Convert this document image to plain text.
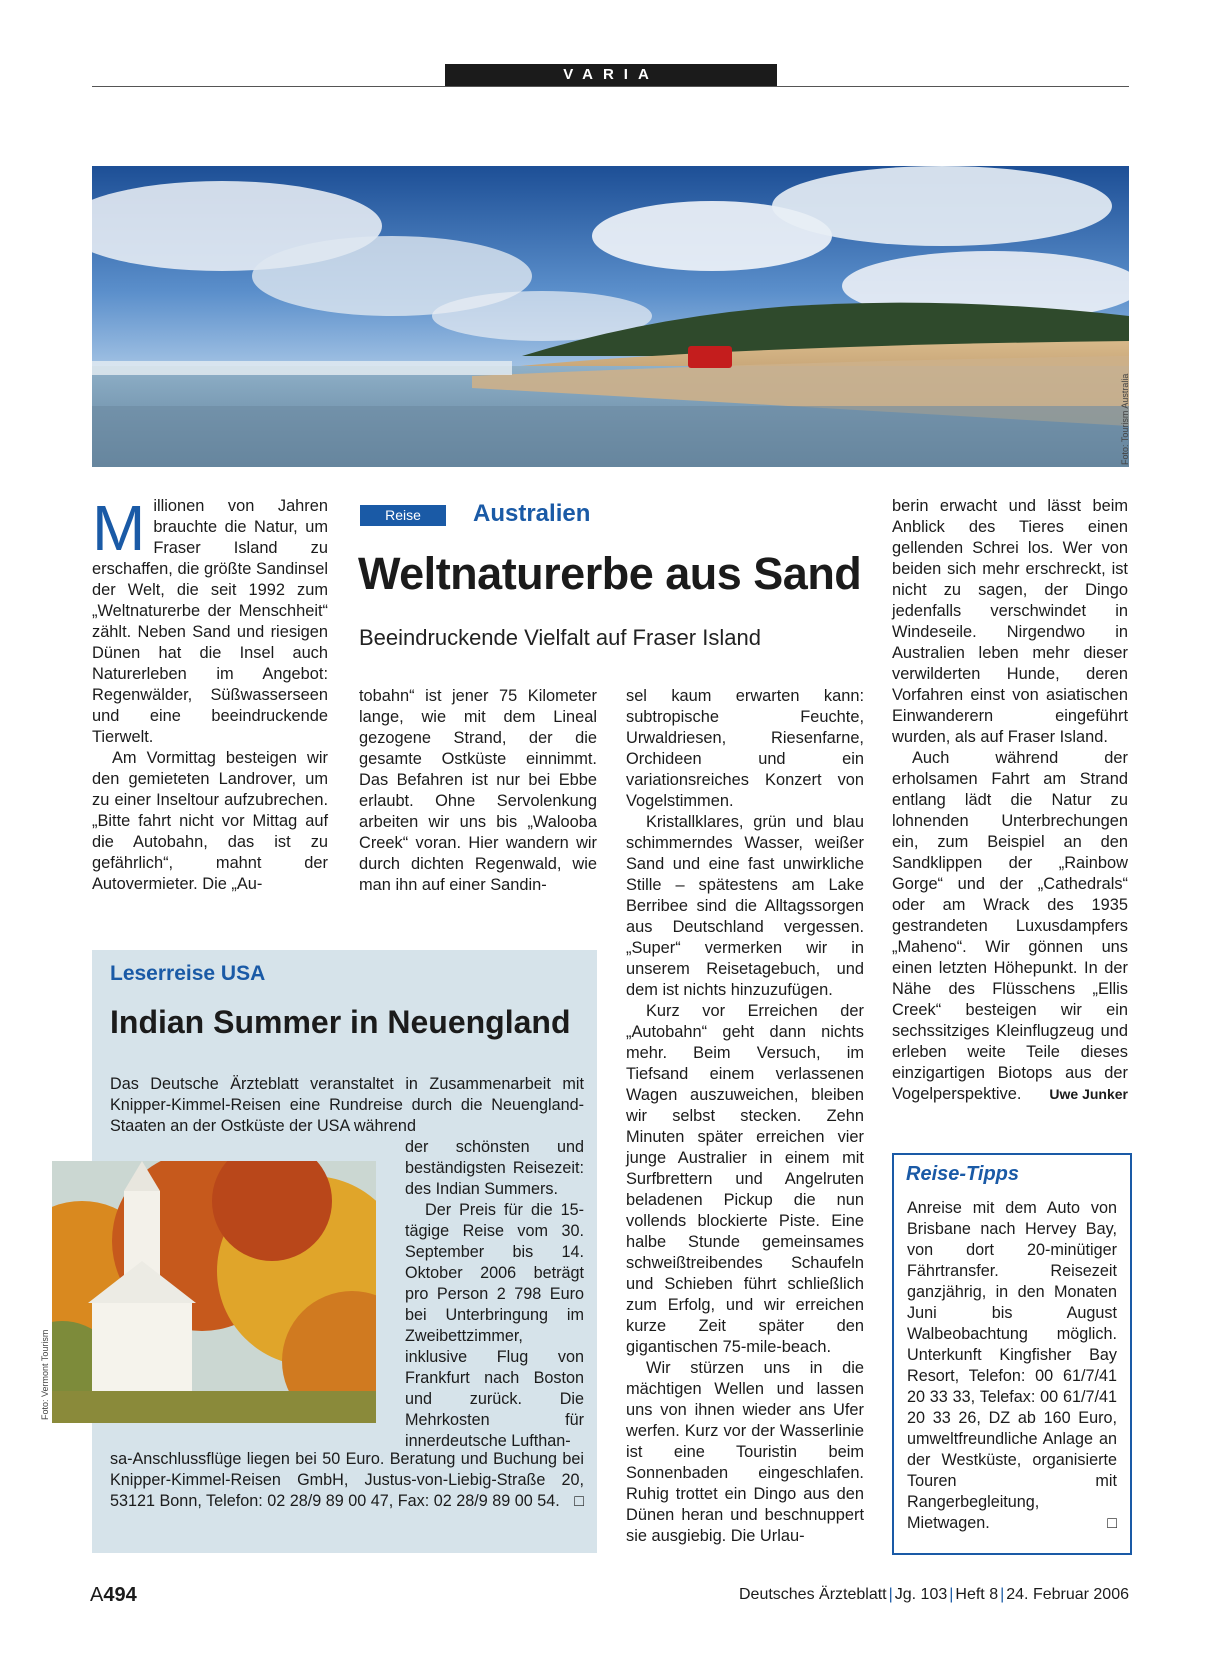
VARIA
Foto: Tourism Australia

Millionen von Jahren brauchte die Natur, um Fraser Island zu erschaffen, die größte Sandinsel der Welt, die seit 1992 zum „Weltnaturerbe der Menschheit“ zählt. Neben Sand und riesigen Dünen hat die Insel auch Naturerleben im Angebot: Regenwälder, Süßwasserseen und eine beeindruckende Tierwelt.

Am Vormittag besteigen wir den gemieteten Landrover, um zu einer Inseltour aufzubrechen. „Bitte fahrt nicht vor Mittag auf die Autobahn, das ist zu gefährlich“, mahnt der Autovermieter. Die „Au-

Reise	Australien
Weltnaturerbe aus Sand
Beeindruckende Vielfalt auf Fraser Island

tobahn“ ist jener 75 Kilometer lange, wie mit dem Lineal gezogene Strand, der die gesamte Ostküste einnimmt. Das Befahren ist nur bei Ebbe erlaubt. Ohne Servolenkung arbeiten wir uns bis „Walooba Creek“ voran. Hier wandern wir durch dichten Regenwald, wie man ihn auf einer Sandin-

sel kaum erwarten kann: subtropische Feuchte, Urwaldriesen, Riesenfarne, Orchideen und ein variationsreiches Konzert von Vogelstimmen.

Kristallklares, grün und blau schimmerndes Wasser, weißer Sand und eine fast unwirkliche Stille – spätestens am Lake Berribee sind die Alltagssorgen aus Deutschland vergessen. „Super“ vermerken wir in unserem Reisetagebuch, und dem ist nichts hinzuzufügen.

Kurz vor Erreichen der „Autobahn“ geht dann nichts mehr. Beim Versuch, im Tiefsand einem verlassenen Wagen auszuweichen, bleiben wir selbst stecken. Zehn Minuten später erreichen vier junge Australier in einem mit Surfbrettern und Angelruten beladenen Pickup die nun vollends blockierte Piste. Eine halbe Stunde gemeinsames schweißtreibendes Schaufeln und Schieben führt schließlich zum Erfolg, und wir erreichen kurze Zeit später den gigantischen 75-mile-beach.

Wir stürzen uns in die mächtigen Wellen und lassen uns von ihnen wieder ans Ufer werfen. Kurz vor der Wasserlinie ist eine Touristin beim Sonnenbaden eingeschlafen. Ruhig trottet ein Dingo aus den Dünen heran und beschnuppert sie ausgiebig. Die Urlau-

berin erwacht und lässt beim Anblick des Tieres einen gellenden Schrei los. Wer von beiden sich mehr erschreckt, ist nicht zu sagen, der Dingo jedenfalls verschwindet in Windeseile. Nirgendwo in Australien leben mehr dieser verwilderten Hunde, deren Vorfahren einst von asiatischen Einwanderern eingeführt wurden, als auf Fraser Island.

Auch während der erholsamen Fahrt am Strand entlang lädt die Natur zu lohnenden Unterbrechungen ein, zum Beispiel an den Sandklippen der „Rainbow Gorge“ und der „Cathedrals“ oder am Wrack des 1935 gestrandeten Luxusdampfers „Maheno“. Wir gönnen uns einen letzten Höhepunkt. In der Nähe des Flüsschens „Ellis Creek“ besteigen wir ein sechssitziges Kleinflugzeug und erleben weite Teile dieses einzigartigen Biotops aus der Vogelperspektive.	Uwe Junker

Leserreise USA
Indian Summer in Neuengland
Das Deutsche Ärzteblatt veranstaltet in Zusammenarbeit mit Knipper-Kimmel-Reisen eine Rundreise durch die Neuengland-Staaten an der Ostküste der USA während

der schönsten und beständigsten Reisezeit: des Indian Summers.

Der Preis für die 15-tägige Reise vom 30. September bis 14. Oktober 2006 beträgt pro Person 2 798 Euro bei Unterbringung im Zweibettzimmer, inklusive Flug von Frankfurt nach Boston und zurück. Die Mehrkosten für innerdeutsche Lufthan-

sa-Anschlussflüge liegen bei 50 Euro. Beratung und Buchung bei Knipper-Kimmel-Reisen GmbH, Justus-von-Liebig-Straße 20, 53121 Bonn, Telefon: 02 28/9 89 00 47, Fax: 02 28/9 89 00 54. □

Foto: Vermont Tourism
Reise-Tipps

Anreise mit dem Auto von Brisbane nach Hervey Bay, von dort 20-minütiger Fährtransfer. Reisezeit ganzjährig, in den Monaten Juni bis August Walbeobachtung möglich. Unterkunft Kingfisher Bay Resort, Telefon: 00 61/7/41 20 33 33, Telefax: 00 61/7/41 20 33 26, DZ ab 160 Euro, umweltfreundliche Anlage an der Westküste, organisierte Touren mit Rangerbegleitung, Mietwagen.	□

A494	Deutsches Ärzteblatt | Jg. 103 | Heft 8 | 24. Februar 2006
